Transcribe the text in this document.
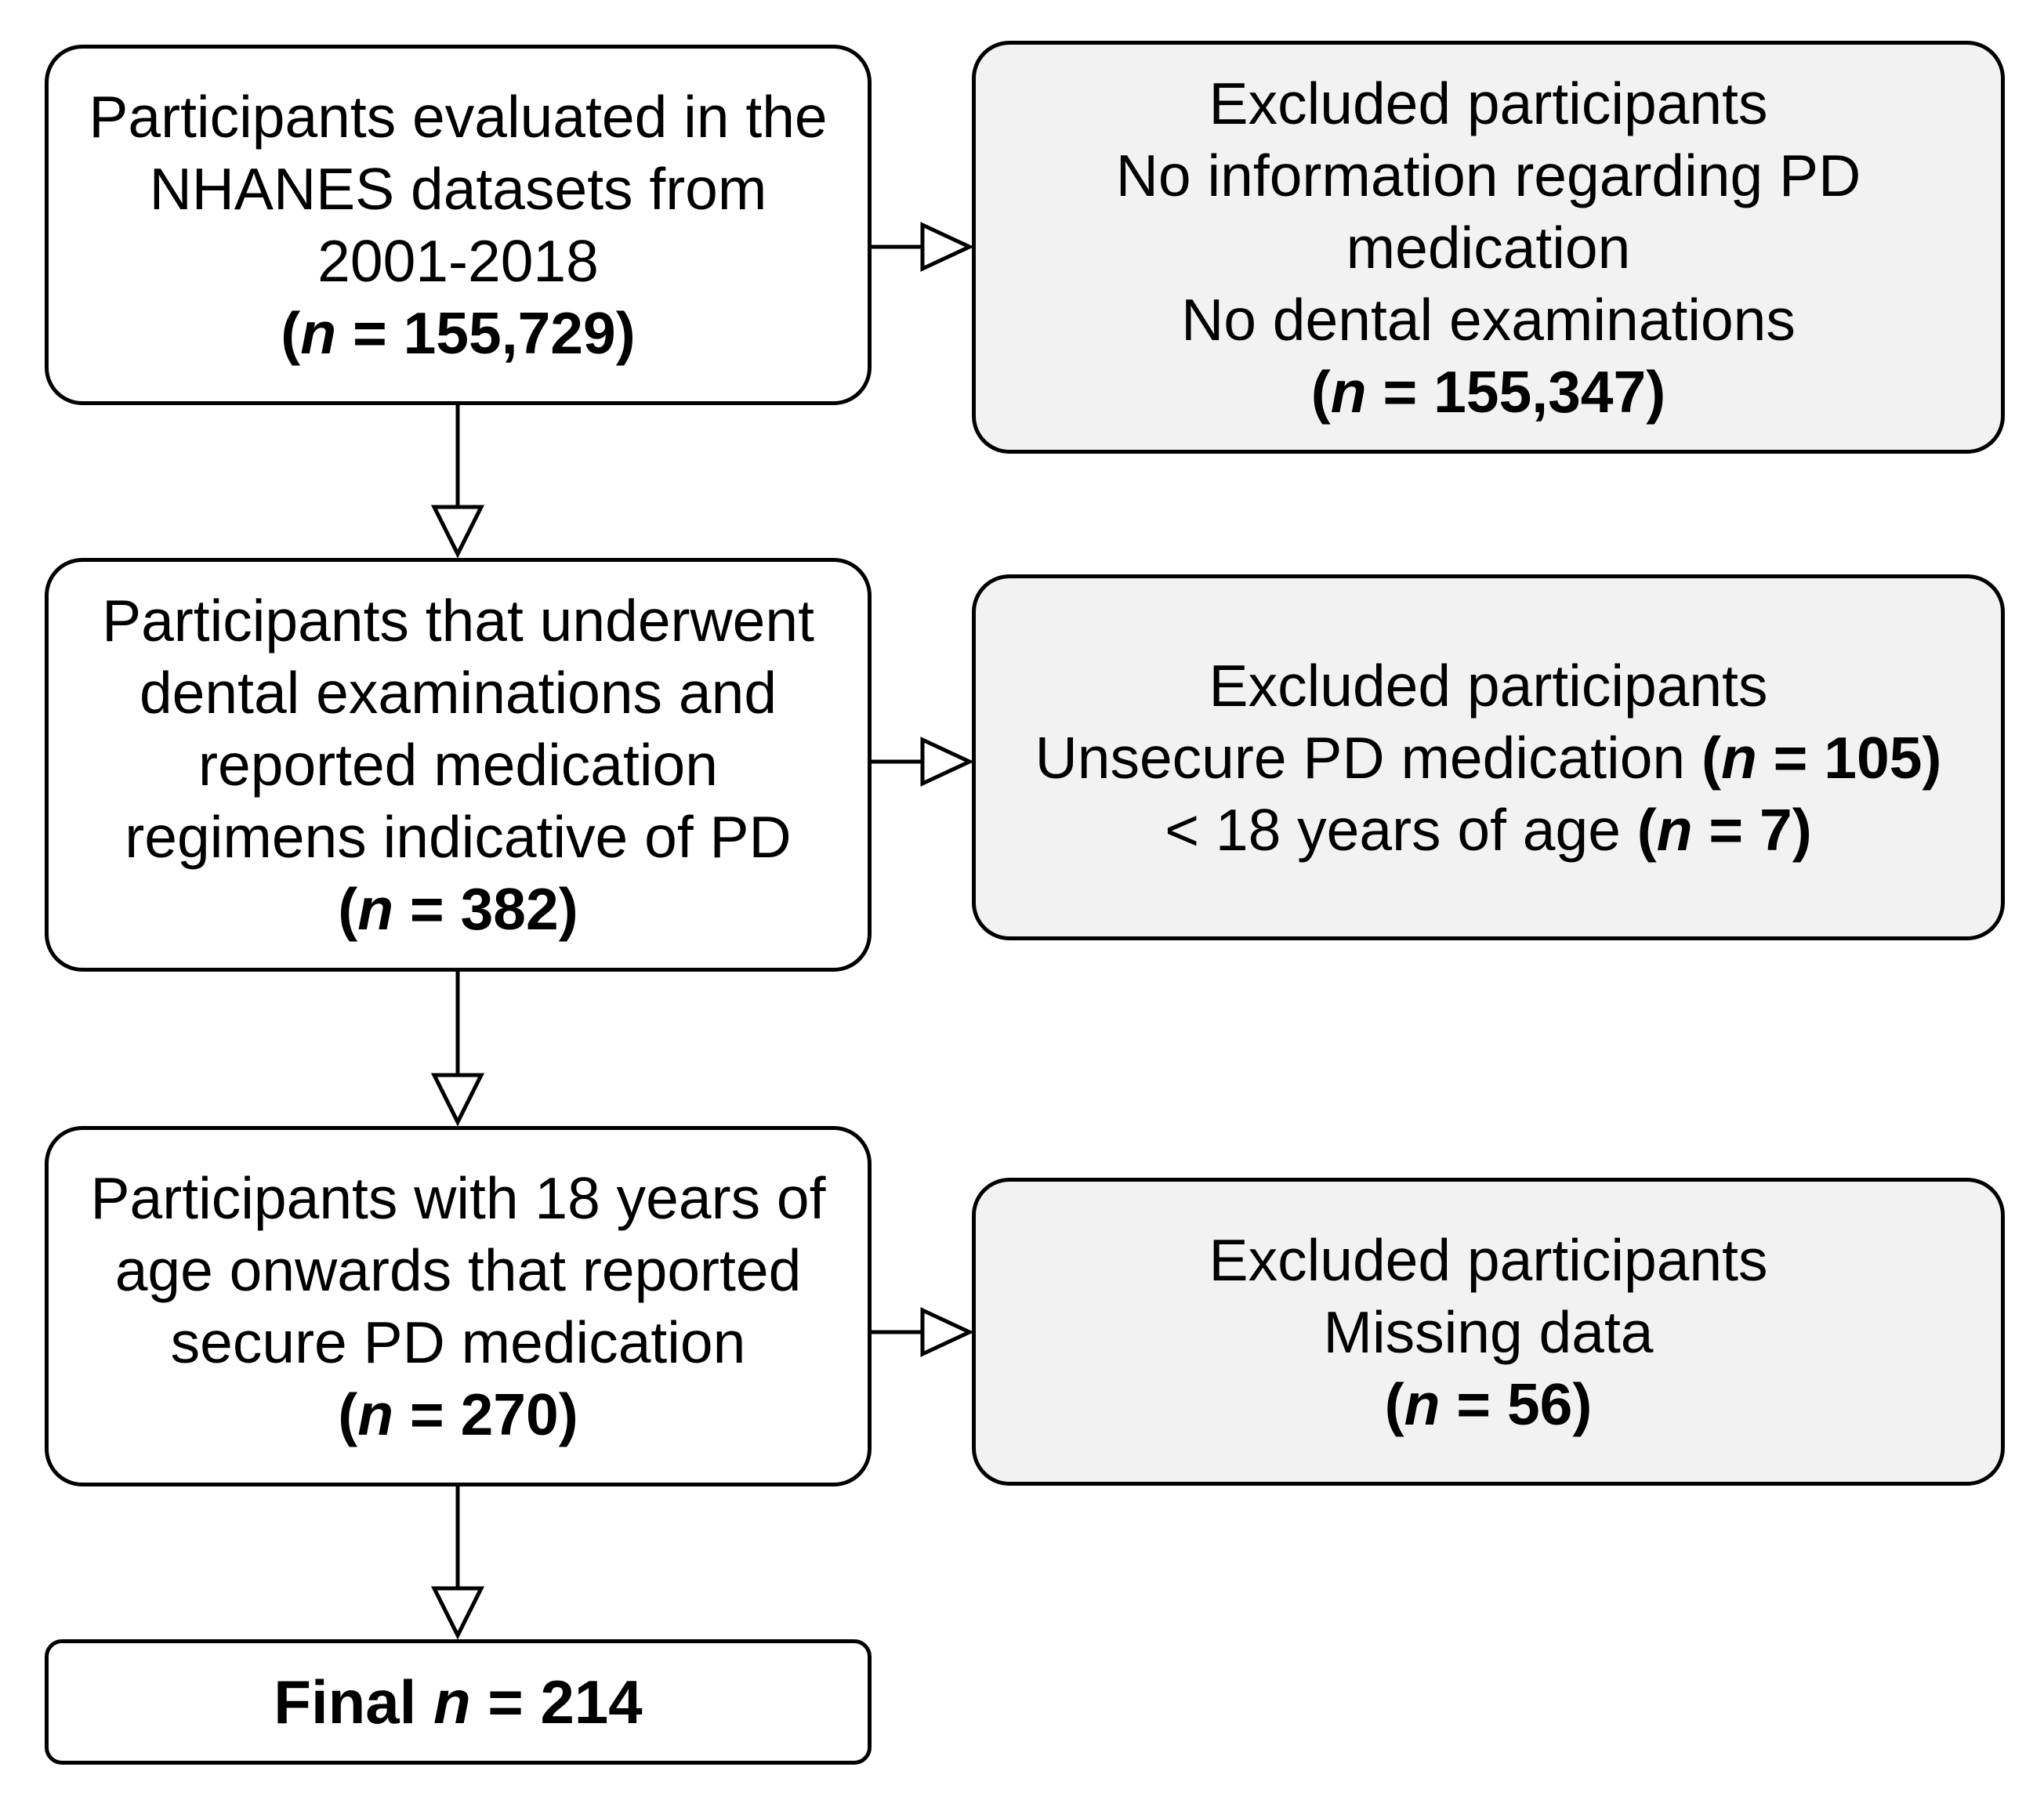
Participants evaluated in the
NHANES datasets from
2001-2018
(n = 155,729)
Participants that underwent
dental examinations and
reported medication
regimens indicative of PD
(n = 382)
Participants with 18 years of
age onwards that reported
secure PD medication
(n = 270)
Final n = 214
Excluded participants
No information regarding PD
medication
No dental examinations
(n = 155,347)
Excluded participants
Unsecure PD medication (n = 105)
< 18 years of age (n = 7)
Excluded participants
Missing data
(n = 56)
